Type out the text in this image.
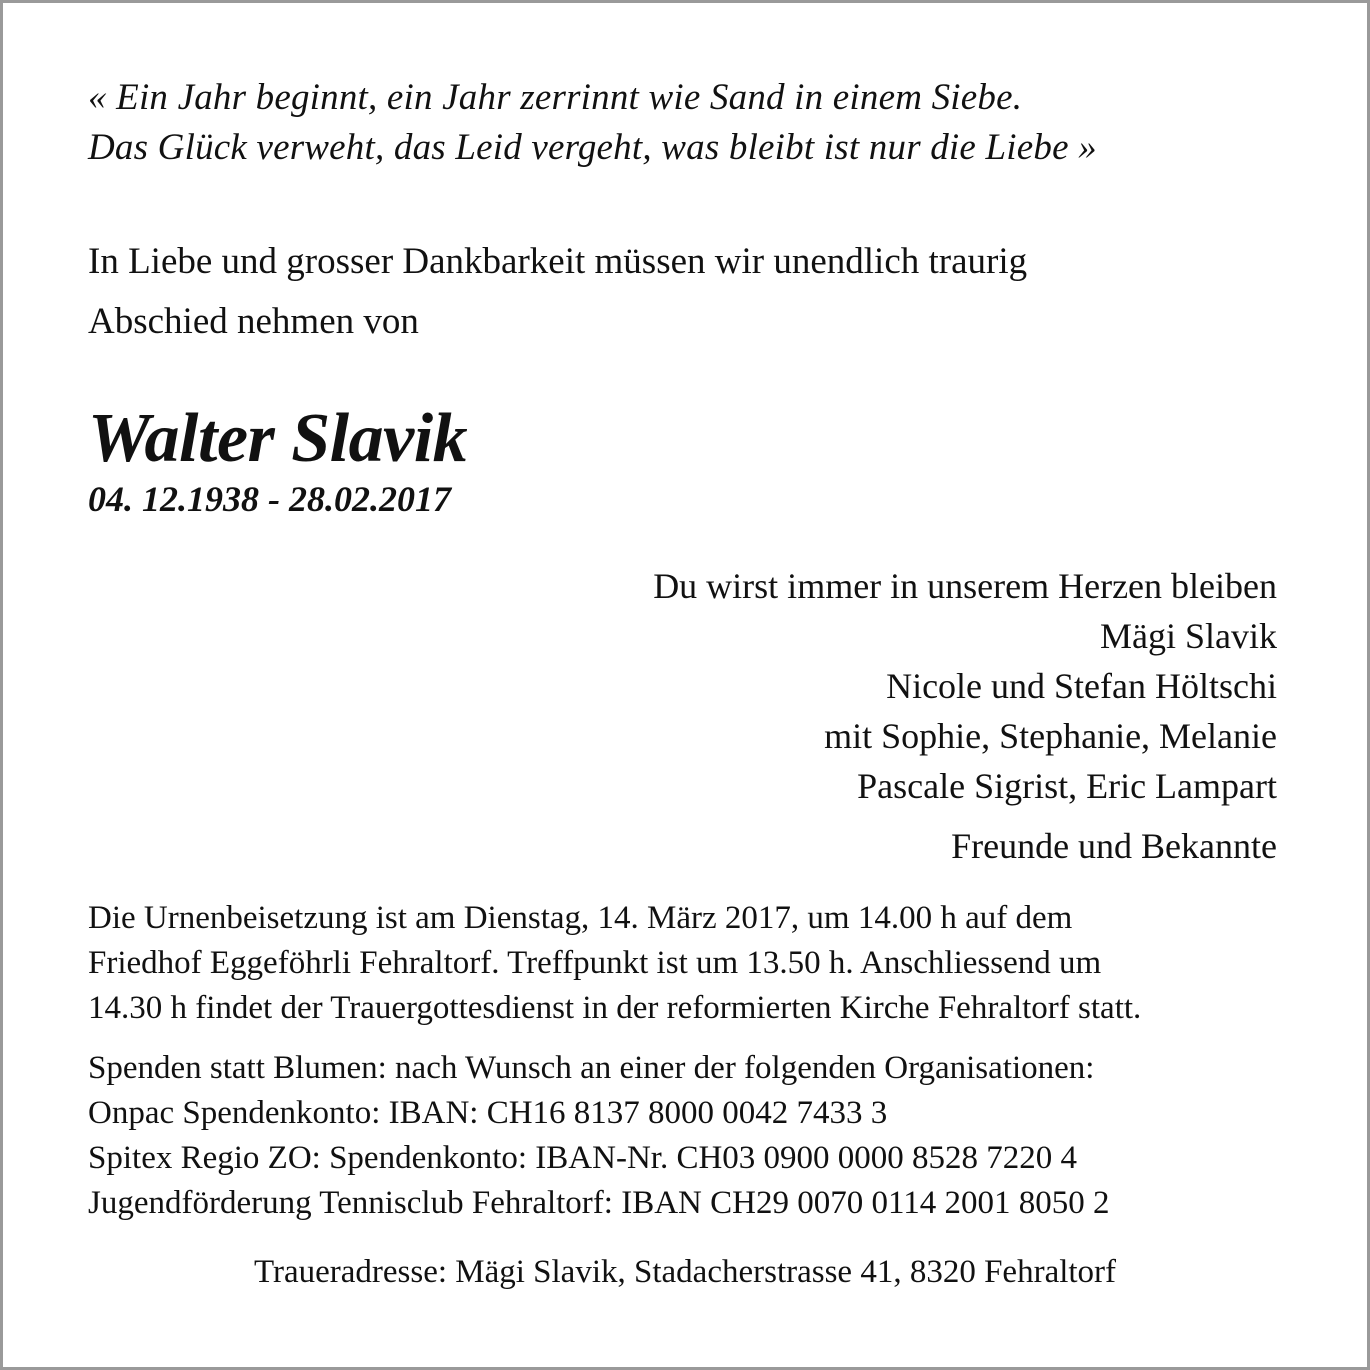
« Ein Jahr beginnt, ein Jahr zerrinnt wie Sand in einem Siebe.
Das Glück verweht, das Leid vergeht, was bleibt ist nur die Liebe »
In Liebe und grosser Dankbarkeit müssen wir unendlich traurig
Abschied nehmen von
Walter Slavik
04. 12.1938 - 28.02.2017
Du wirst immer in unserem Herzen bleiben
Mägi Slavik
Nicole und Stefan Höltschi
mit Sophie, Stephanie, Melanie
Pascale Sigrist, Eric Lampart
Freunde und Bekannte
Die Urnenbeisetzung ist am Dienstag, 14. März 2017, um 14.00 h auf dem
Friedhof Eggeföhrli Fehraltorf. Treffpunkt ist um 13.50 h. Anschliessend um
14.30 h findet der Trauergottesdienst in der reformierten Kirche Fehraltorf statt.
Spenden statt Blumen: nach Wunsch an einer der folgenden Organisationen:
Onpac Spendenkonto: IBAN: CH16 8137 8000 0042 7433 3
Spitex Regio ZO: Spendenkonto: IBAN-Nr. CH03 0900 0000 8528 7220 4
Jugendförderung Tennisclub Fehraltorf: IBAN CH29 0070 0114 2001 8050 2
Traueradresse: Mägi Slavik, Stadacherstrasse 41, 8320 Fehraltorf
